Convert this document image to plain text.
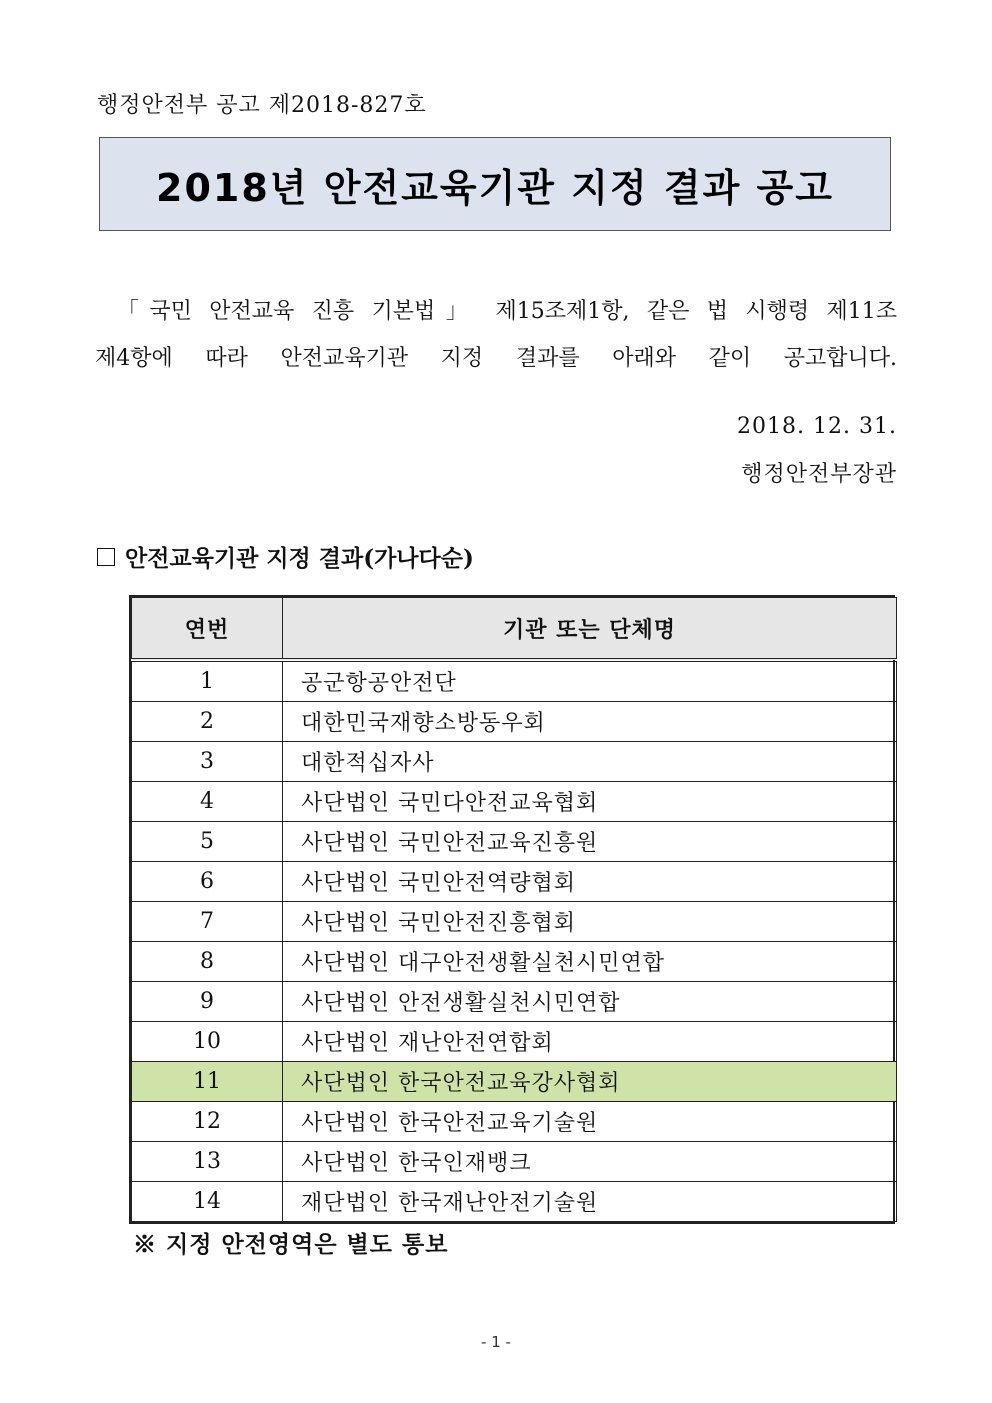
행정안전부 공고 제2018-827호
2018년 안전교육기관 지정 결과 공고
「국민 안전교육 진흥 기본법」 제15조제1항, 같은 법 시행령 제11조
제4항에 따라 안전교육기관 지정 결과를 아래와 같이 공고합니다.
2018. 12. 31.
행정안전부장관
안전교육기관 지정 결과(가나다순)
연번	기관 또는 단체명
1	공군항공안전단
2	대한민국재향소방동우회
3	대한적십자사
4	사단법인 국민다안전교육협회
5	사단법인 국민안전교육진흥원
6	사단법인 국민안전역량협회
7	사단법인 국민안전진흥협회
8	사단법인 대구안전생활실천시민연합
9	사단법인 안전생활실천시민연합
10	사단법인 재난안전연합회
11	사단법인 한국안전교육강사협회
12	사단법인 한국안전교육기술원
13	사단법인 한국인재뱅크
14	재단법인 한국재난안전기술원
※ 지정 안전영역은 별도 통보
- 1 -
